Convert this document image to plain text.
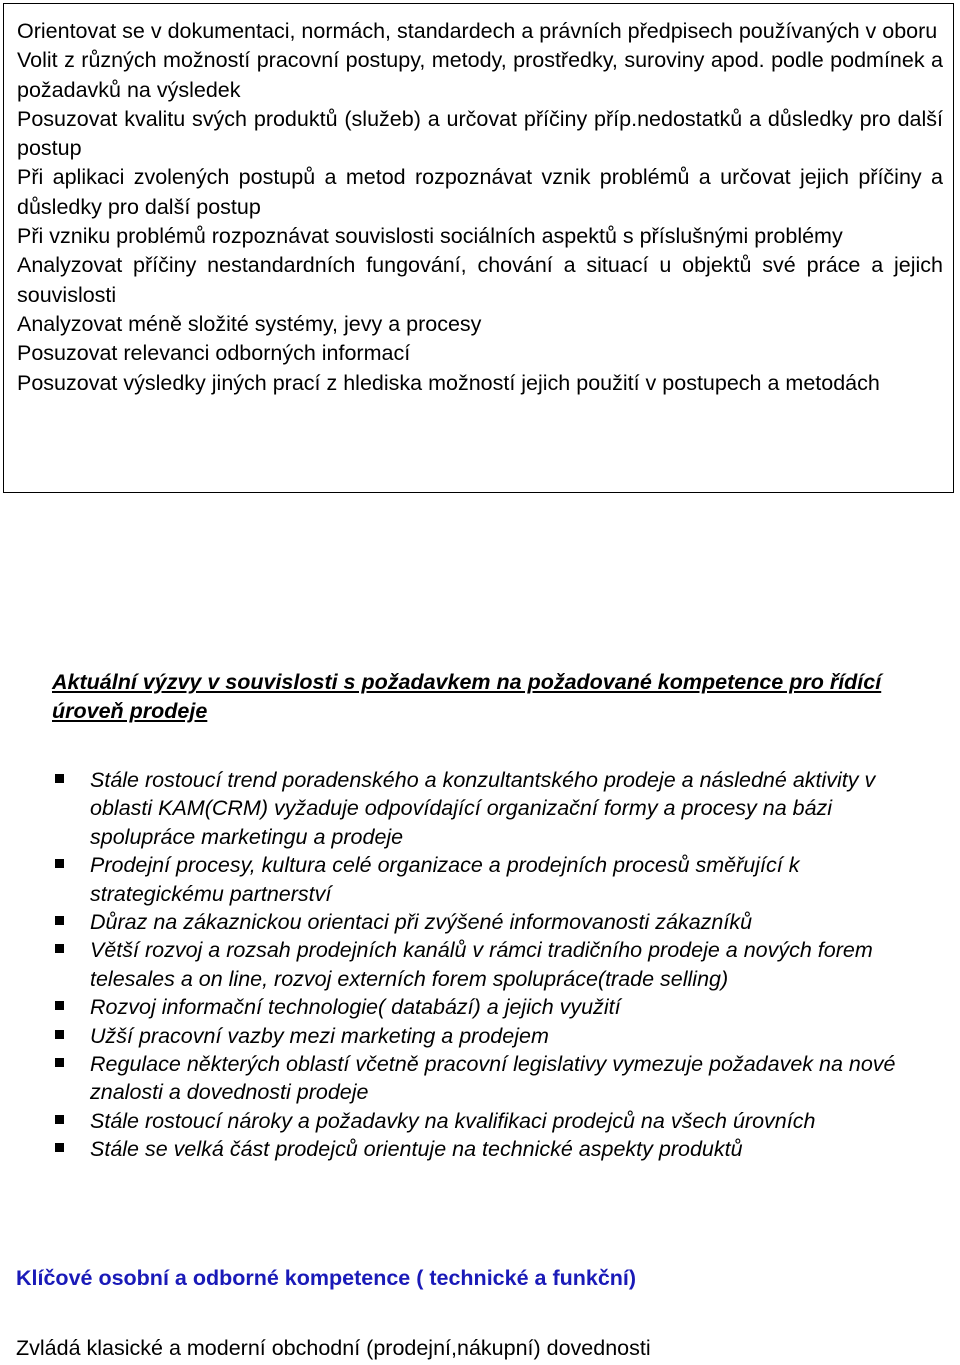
Orientovat se v dokumentaci, normách, standardech a právních předpisech používaných v oboru

Volit z různých možností pracovní postupy, metody, prostředky, suroviny apod. podle podmínek a požadavků na výsledek

Posuzovat kvalitu svých produktů (služeb) a určovat příčiny příp.nedostatků a důsledky pro další postup

Při aplikaci zvolených postupů a metod rozpoznávat vznik problémů a určovat jejich příčiny a důsledky pro další postup

Při vzniku problémů rozpoznávat souvislosti sociálních aspektů s příslušnými problémy

Analyzovat příčiny nestandardních fungování, chování a situací u objektů své práce a jejich souvislosti

Analyzovat méně složité systémy, jevy a procesy

Posuzovat relevanci odborných informací

Posuzovat výsledky jiných prací z hlediska možností jejich použití v postupech a metodách

Aktuální výzvy v souvislosti s požadavkem na požadované kompetence pro řídící úroveň prodeje

Stále rostoucí trend poradenského a konzultantského prodeje a následné aktivity v oblasti KAM(CRM) vyžaduje odpovídající organizační formy a procesy na bázi spolupráce marketingu a prodeje
Prodejní procesy, kultura celé organizace a prodejních procesů směřující k strategickému partnerství
Důraz na zákaznickou orientaci při zvýšené informovanosti zákazníků
Větší rozvoj a rozsah prodejních kanálů v rámci tradičního prodeje a nových forem telesales a on line, rozvoj externích forem spolupráce(trade selling)
Rozvoj informační technologie( databází) a jejich využití
Užší pracovní vazby mezi marketing a prodejem
Regulace některých oblastí včetně pracovní legislativy vymezuje požadavek na nové znalosti a dovednosti prodeje
Stále rostoucí nároky a požadavky na kvalifikaci prodejců na všech úrovních
Stále se velká část prodejců orientuje na technické aspekty produktů

Klíčové osobní a odborné kompetence ( technické a funkční)

Zvládá klasické a moderní obchodní (prodejní,nákupní) dovednosti
